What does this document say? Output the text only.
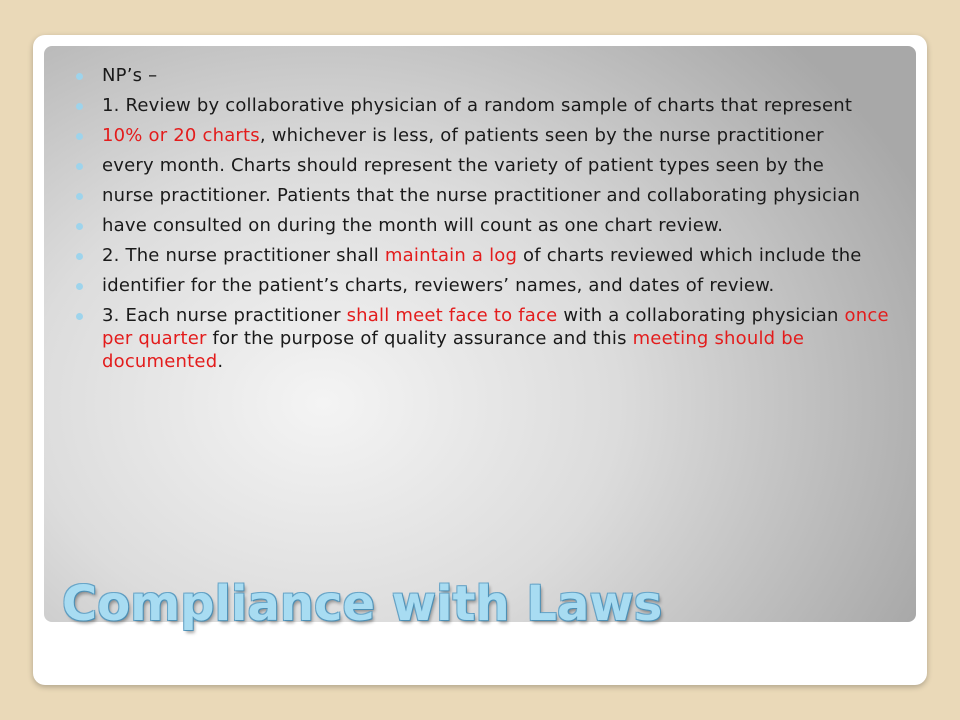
NP’s –
1. Review by collaborative physician of a random sample of charts that represent
10% or 20 charts, whichever is less, of patients seen by the nurse practitioner
every month. Charts should represent the variety of patient types seen by the
nurse practitioner. Patients that the nurse practitioner and collaborating physician
have consulted on during the month will count as one chart review.
2. The nurse practitioner shall maintain a log of charts reviewed which include the
identifier for the patient’s charts, reviewers’ names, and dates of review.
3. Each nurse practitioner shall meet face to face with a collaborating physician once per quarter for the purpose of quality assurance and this meeting should be documented.
Compliance with Laws
